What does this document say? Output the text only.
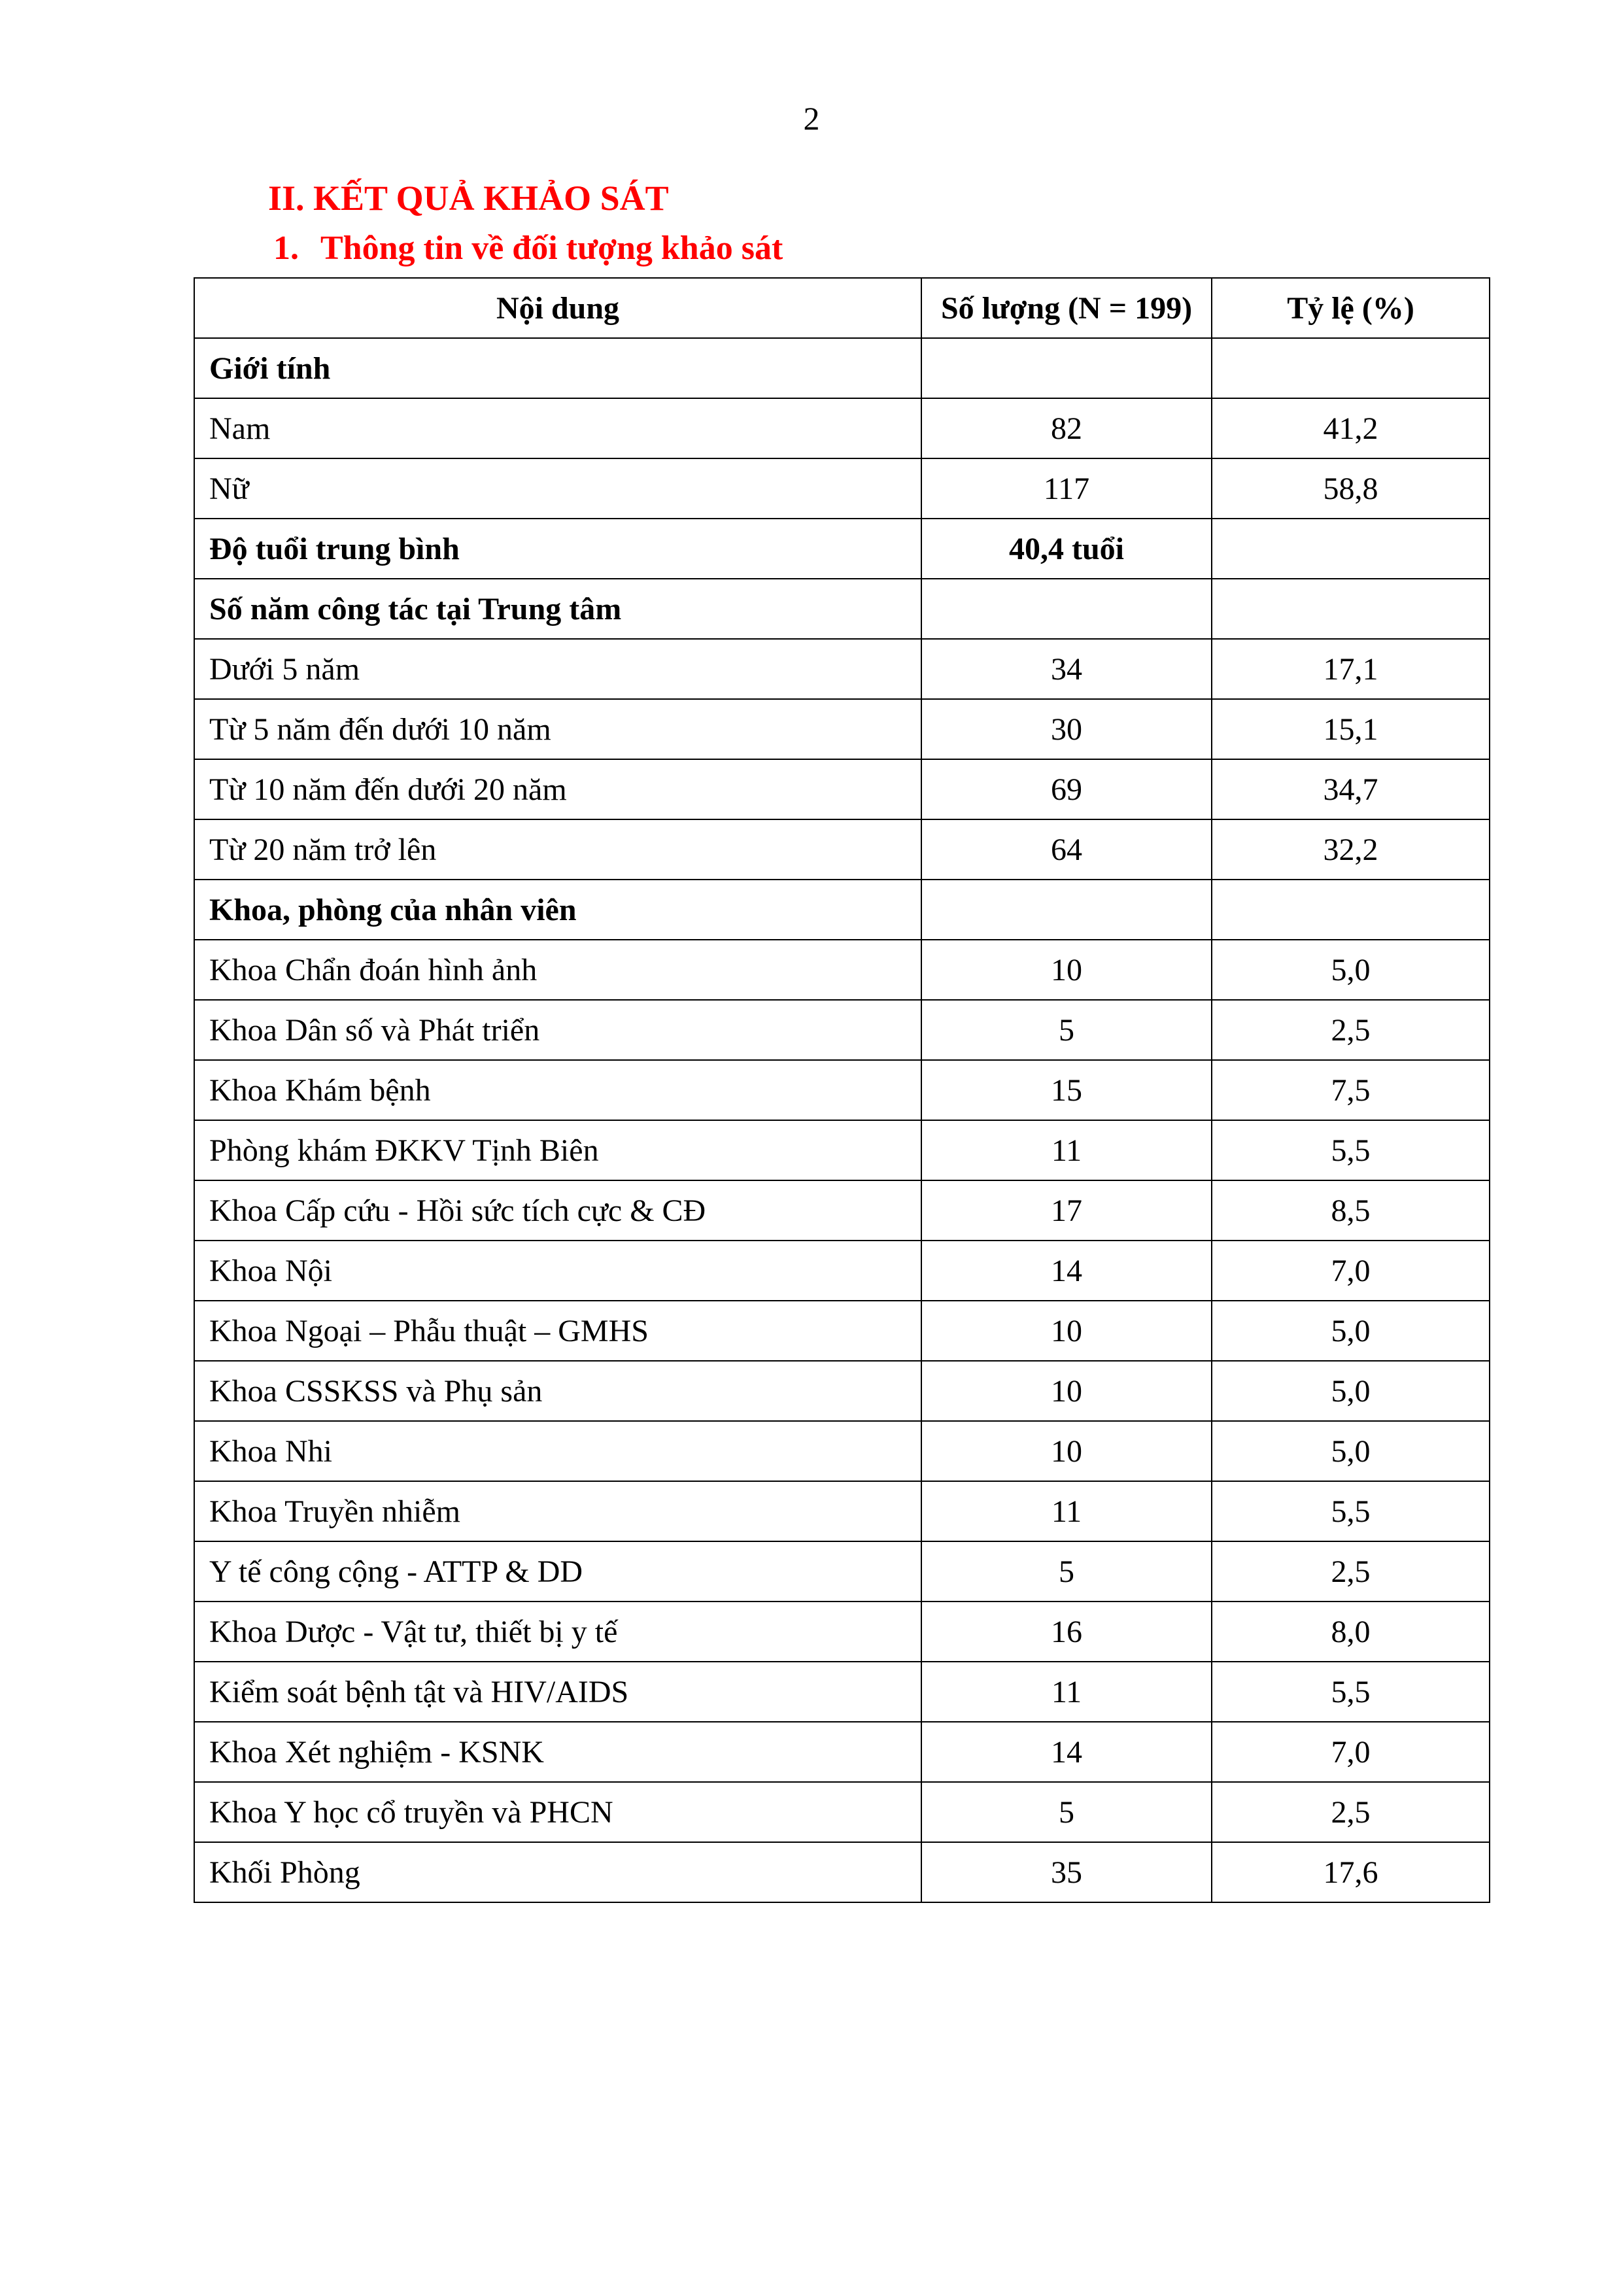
2
II. KẾT QUẢ KHẢO SÁT
1. Thông tin về đối tượng khảo sát
Nội dung	Số lượng (N = 199)	Tỷ lệ (%)
Giới tính		
Nam	82	41,2
Nữ	117	58,8
Độ tuổi trung bình	40,4 tuổi	
Số năm công tác tại Trung tâm		
Dưới 5 năm	34	17,1
Từ 5 năm đến dưới 10 năm	30	15,1
Từ 10 năm đến dưới 20 năm	69	34,7
Từ 20 năm trở lên	64	32,2
Khoa, phòng của nhân viên		
Khoa Chẩn đoán hình ảnh	10	5,0
Khoa Dân số và Phát triển	5	2,5
Khoa Khám bệnh	15	7,5
Phòng khám ĐKKV Tịnh Biên	11	5,5
Khoa Cấp cứu - Hồi sức tích cực & CĐ	17	8,5
Khoa Nội	14	7,0
Khoa Ngoại – Phẫu thuật – GMHS	10	5,0
Khoa CSSKSS và Phụ sản	10	5,0
Khoa Nhi	10	5,0
Khoa Truyền nhiễm	11	5,5
Y tế công cộng - ATTP & DD	5	2,5
Khoa Dược - Vật tư, thiết bị y tế	16	8,0
Kiểm soát bệnh tật và HIV/AIDS	11	5,5
Khoa Xét nghiệm - KSNK	14	7,0
Khoa Y học cổ truyền và PHCN	5	2,5
Khối Phòng	35	17,6
